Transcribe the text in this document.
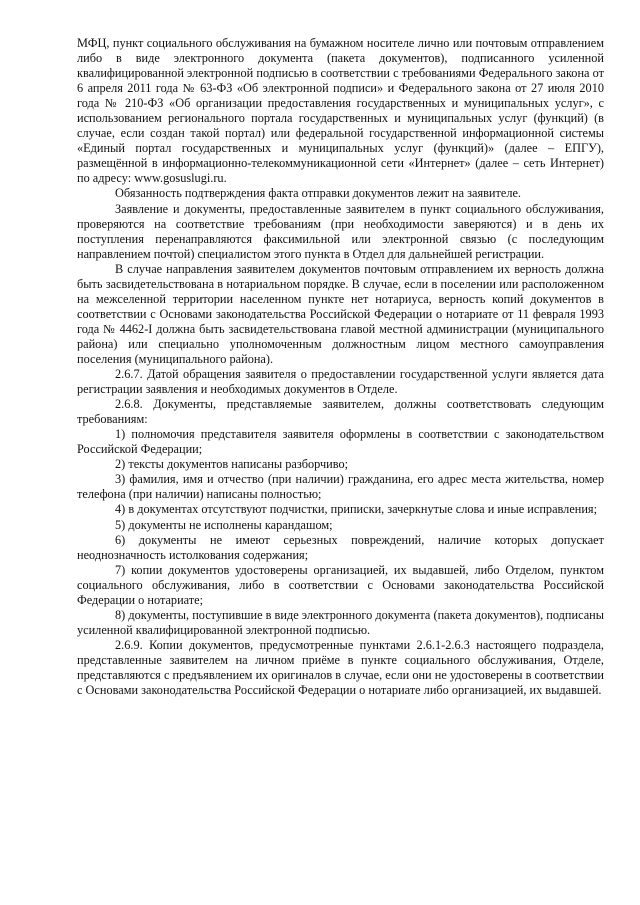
МФЦ, пункт социального обслуживания на бумажном носителе лично или почтовым отправлением либо в виде электронного документа (пакета документов), подписанного усиленной квалифицированной электронной подписью в соответствии с требованиями Федерального закона от 6 апреля 2011 года № 63-ФЗ «Об электронной подписи» и Федерального закона от 27 июля 2010 года № 210-ФЗ «Об организации предоставления государственных и муниципальных услуг», с использованием регионального портала государственных и муниципальных услуг (функций) (в случае, если создан такой портал) или федеральной государственной информационной системы «Единый портал государственных и муниципальных услуг (функций)» (далее – ЕПГУ), размещённой в информационно-телекоммуникационной сети «Интернет» (далее – сеть Интернет) по адресу: www.gosuslugi.ru.

Обязанность подтверждения факта отправки документов лежит на заявителе.

Заявление и документы, предоставленные заявителем в пункт социального обслуживания, проверяются на соответствие требованиям (при необходимости заверяются) и в день их поступления перенаправляются факсимильной или электронной связью (с последующим направлением почтой) специалистом этого пункта в Отдел для дальнейшей регистрации.

В случае направления заявителем документов почтовым отправлением их верность должна быть засвидетельствована в нотариальном порядке. В случае, если в поселении или расположенном на межселенной территории населенном пункте нет нотариуса, верность копий документов в соответствии с Основами законодательства Российской Федерации о нотариате от 11 февраля 1993 года № 4462-I должна быть засвидетельствована главой местной администрации (муниципального района) или специально уполномоченным должностным лицом местного самоуправления поселения (муниципального района).

2.6.7. Датой обращения заявителя о предоставлении государственной услуги является дата регистрации заявления и необходимых документов в Отделе.

2.6.8. Документы, представляемые заявителем, должны соответствовать следующим требованиям:

1) полномочия представителя заявителя оформлены в соответствии с законодательством Российской Федерации;

2) тексты документов написаны разборчиво;

3) фамилия, имя и отчество (при наличии) гражданина, его адрес места жительства, номер телефона (при наличии) написаны полностью;

4) в документах отсутствуют подчистки, приписки, зачеркнутые слова и иные исправления;

5) документы не исполнены карандашом;

6) документы не имеют серьезных повреждений, наличие которых допускает неоднозначность истолкования содержания;

7) копии документов удостоверены организацией, их выдавшей, либо Отделом, пунктом социального обслуживания, либо в соответствии с Основами законодательства Российской Федерации о нотариате;

8) документы, поступившие в виде электронного документа (пакета документов), подписаны усиленной квалифицированной электронной подписью.

2.6.9. Копии документов, предусмотренные пунктами 2.6.1-2.6.3 настоящего подраздела, представленные заявителем на личном приёме в пункте социального обслуживания, Отделе, представляются с предъявлением их оригиналов в случае, если они не удостоверены в соответствии с Основами законодательства Российской Федерации о нотариате либо организацией, их выдавшей.
